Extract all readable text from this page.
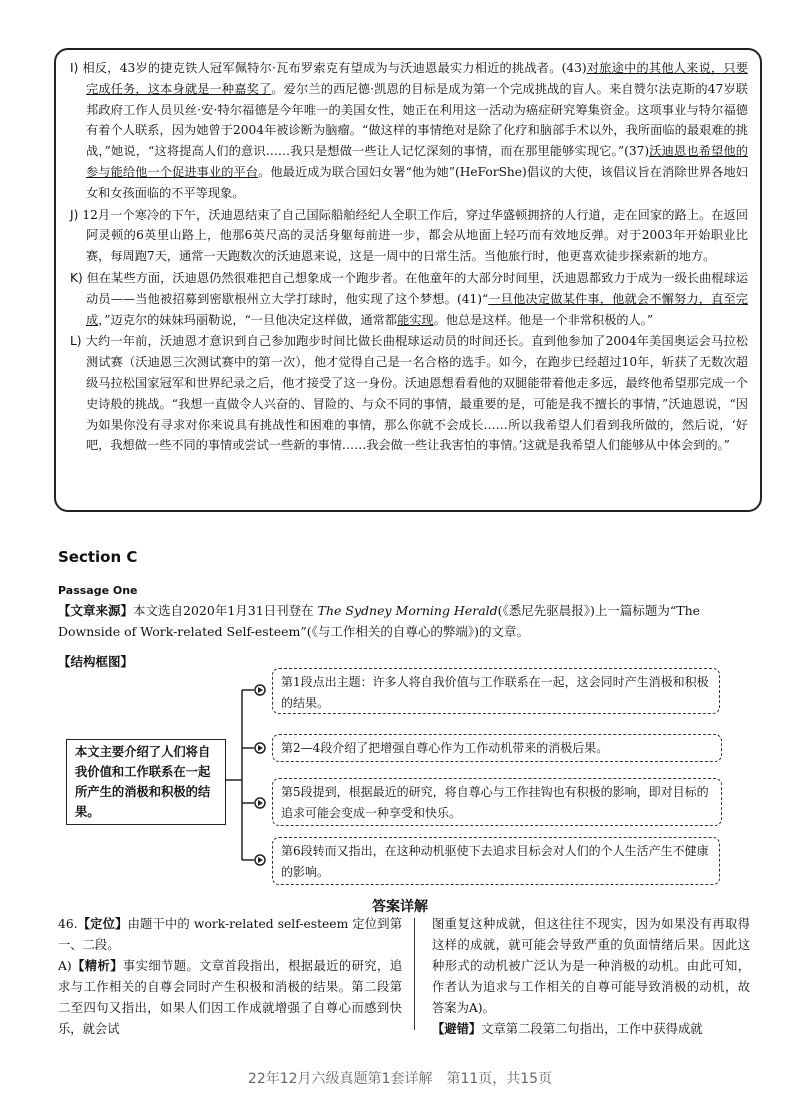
I) 相反，43岁的捷克铁人冠军佩特尔·瓦布罗索克有望成为与沃迪恩最实力相近的挑战者。(43)对旅途中的其他人来说，只要完成任务，这本身就是一种嘉奖了。爱尔兰的西尼德·凯恩的目标是成为第一个完成挑战的盲人。来自赞尔法克斯的47岁联邦政府工作人员贝丝·安·特尔福德是今年唯一的美国女性，她正在利用这一活动为癌症研究筹集资金。这项事业与特尔福德有着个人联系，因为她曾于2004年被诊断为脑瘤。“做这样的事情绝对是除了化疗和脑部手术以外，我所面临的最艰难的挑战，”她说，“这将提高人们的意识……我只是想做一些让人记忆深刻的事情，而在那里能够实现它。”(37)沃迪恩也希望他的参与能给他一个促进事业的平台。他最近成为联合国妇女署“他为她”(HeForShe)倡议的大使，该倡议旨在消除世界各地妇女和女孩面临的不平等现象。

J) 12月一个寒冷的下午，沃迪恩结束了自己国际船舶经纪人全职工作后，穿过华盛顿拥挤的人行道，走在回家的路上。在返回阿灵顿的6英里山路上，他那6英尺高的灵活身躯每前进一步，都会从地面上轻巧而有效地反弹。对于2003年开始职业比赛，每周跑7天，通常一天跑数次的沃迪恩来说，这是一周中的日常生活。当他旅行时，他更喜欢徒步探索新的地方。

K) 但在某些方面，沃迪恩仍然很难把自己想象成一个跑步者。在他童年的大部分时间里，沃迪恩都致力于成为一级长曲棍球运动员——当他被招募到密歇根州立大学打球时，他实现了这个梦想。(41)“一旦他决定做某件事，他就会不懈努力，直至完成，”迈克尔的妹妹玛丽勒说，“一旦他决定这样做，通常都能实现。他总是这样。他是一个非常积极的人。”

L) 大约一年前，沃迪恩才意识到自己参加跑步时间比做长曲棍球运动员的时间还长。直到他参加了2004年美国奥运会马拉松测试赛（沃迪恩三次测试赛中的第一次），他才觉得自己是一名合格的选手。如今，在跑步已经超过10年，斩获了无数次超级马拉松国家冠军和世界纪录之后，他才接受了这一身份。沃迪恩想看看他的双腿能带着他走多远，最终他希望那完成一个史诗般的挑战。“我想一直做令人兴奋的、冒险的、与众不同的事情，最重要的是，可能是我不擅长的事情，”沃迪恩说，“因为如果你没有寻求对你来说具有挑战性和困难的事情，那么你就不会成长……所以我希望人们看到我所做的，然后说，‘好吧，我想做一些不同的事情或尝试一些新的事情……我会做一些让我害怕的事情。’这就是我希望人们能够从中体会到的。”

Section C
Passage One
【文章来源】本文选自2020年1月31日刊登在 The Sydney Morning Herald(《悉尼先驱晨报》)上一篇标题为“The Downside of Work-related Self-esteem”(《与工作相关的自尊心的弊端》)的文章。
【结构框图】
本文主要介绍了人们将自我价值和工作联系在一起所产生的消极和积极的结果。
第1段点出主题：许多人将自我价值与工作联系在一起，这会同时产生消极和积极的结果。
第2—4段介绍了把增强自尊心作为工作动机带来的消极后果。
第5段提到，根据最近的研究，将自尊心与工作挂钩也有积极的影响，即对目标的追求可能会变成一种享受和快乐。
第6段转而又指出，在这种动机驱使下去追求目标会对人们的个人生活产生不健康的影响。
答案详解
46.【定位】由题干中的 work-related self-esteem 定位到第一、二段。
A)【精析】事实细节题。文章首段指出，根据最近的研究，追求与工作相关的自尊会同时产生积极和消极的结果。第二段第二至四句又指出，如果人们因工作成就增强了自尊心而感到快乐，就会试
图重复这种成就，但这往往不现实，因为如果没有再取得这样的成就，就可能会导致严重的负面情绪后果。因此这种形式的动机被广泛认为是一种消极的动机。由此可知，作者认为追求与工作相关的自尊可能导致消极的动机，故答案为A)。
【避错】文章第二段第二句指出，工作中获得成就
22年12月六级真题第1套详解　第11页，共15页
